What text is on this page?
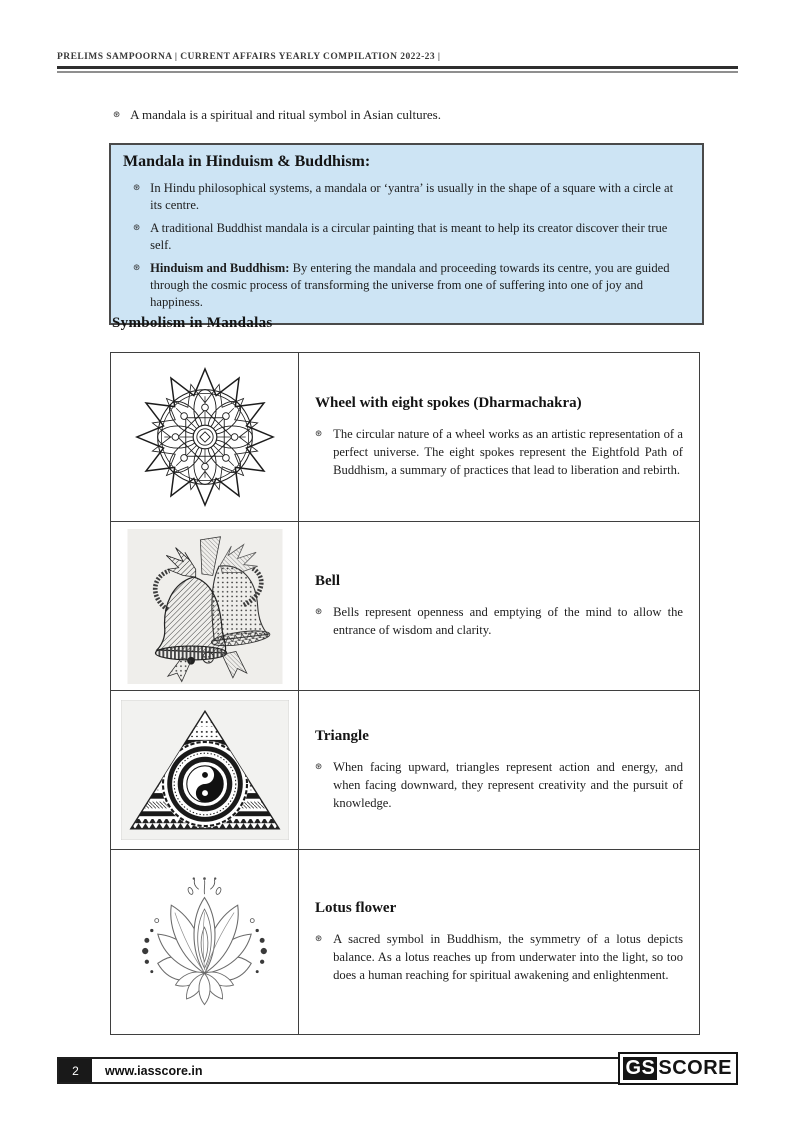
PRELIMS SAMPOORNA | CURRENT AFFAIRS YEARLY COMPILATION 2022-23 |
⊛ A mandala is a spiritual and ritual symbol in Asian cultures.

Mandala in Hinduism & Buddhism:
⊛ In Hindu philosophical systems, a mandala or ‘yantra’ is usually in the shape of a square with a circle at its centre.

⊛ A traditional Buddhist mandala is a circular painting that is meant to help its creator discover their true self.

⊛ Hinduism and Buddhism: By entering the mandala and proceeding towards its centre, you are guided through the cosmic process of transforming the universe from one of suffering into one of joy and happiness.

Symbolism in Mandalas
Wheel with eight spokes (Dharmachakra)
⊛ The circular nature of a wheel works as an artistic representation of a perfect universe. The eight spokes represent the Eightfold Path of Buddhism, a summary of practices that lead to liberation and rebirth.

Bell
⊛ Bells represent openness and emptying of the mind to allow the entrance of wisdom and clarity.

Triangle
⊛ When facing upward, triangles represent action and energy, and when facing downward, they represent creativity and the pursuit of knowledge.

Lotus flower
⊛ A sacred symbol in Buddhism, the symmetry of a lotus depicts balance. As a lotus reaches up from underwater into the light, so too does a human reaching for spiritual awakening and enlightenment.

2	www.iasscore.in	GS SCORE
